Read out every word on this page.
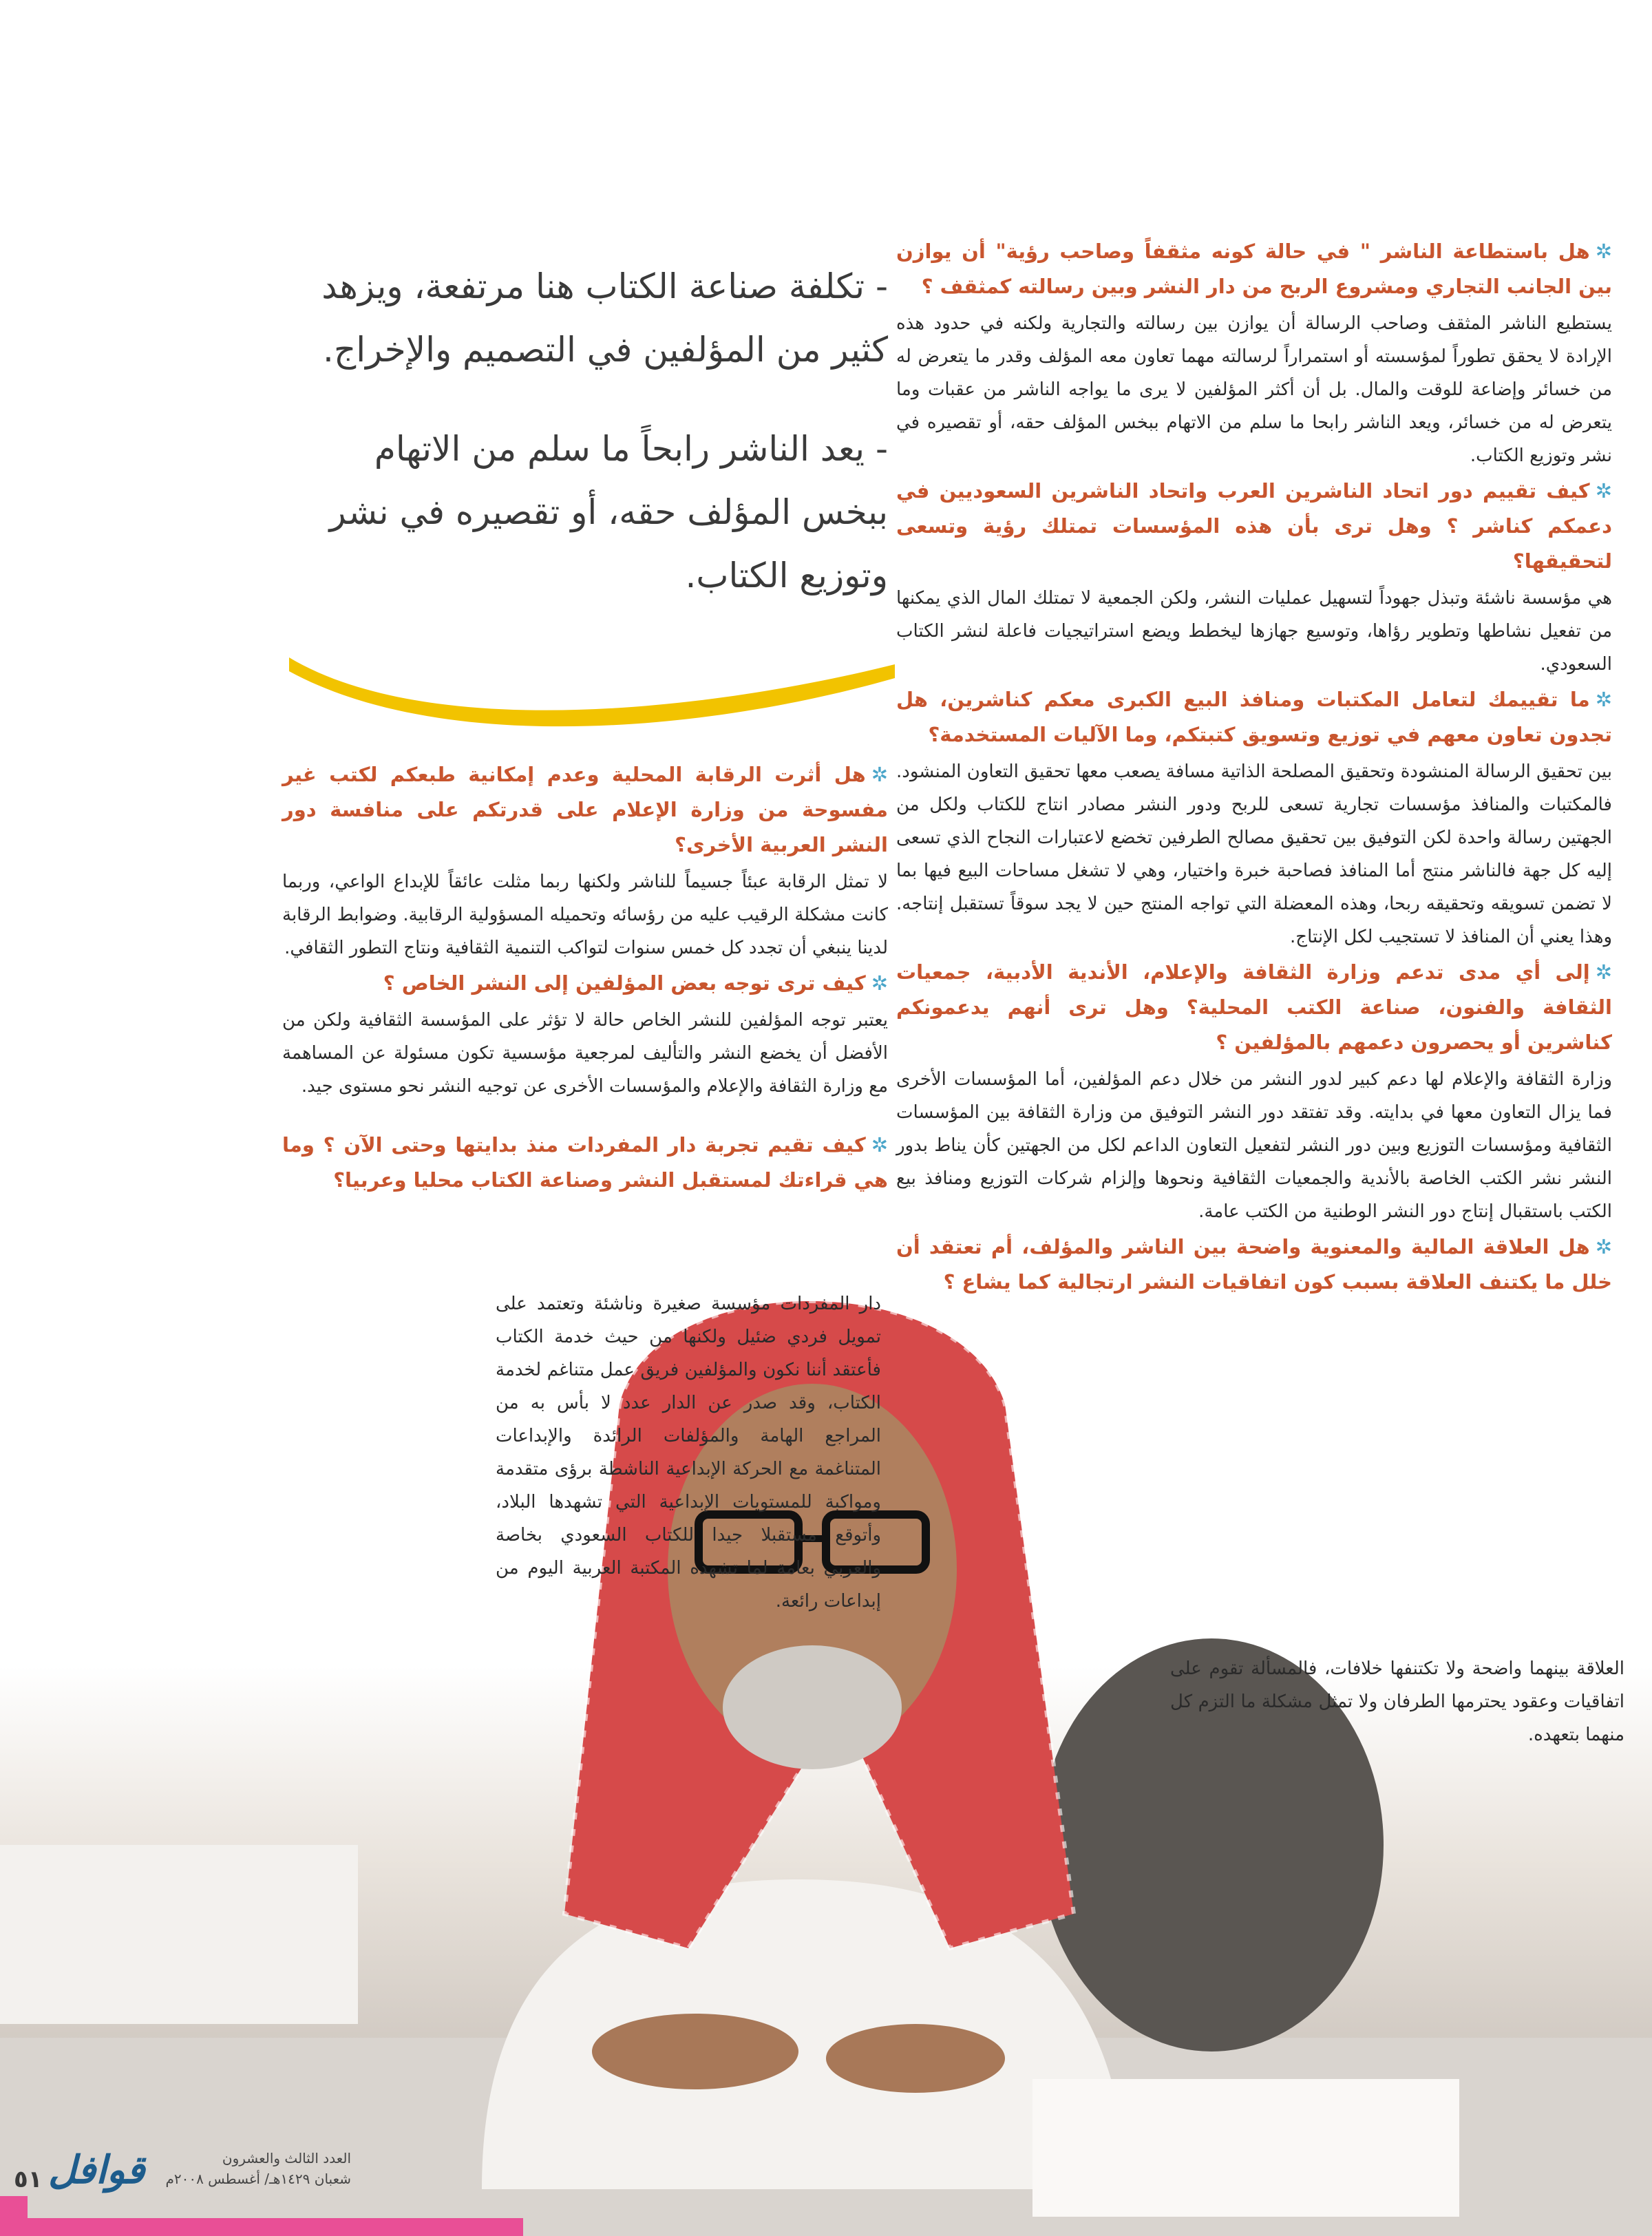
- تكلفة صناعة الكتاب هنا مرتفعة، ويزهد كثير من المؤلفين في التصميم والإخراج.

- يعد الناشر رابحاً ما سلم من الاتهام ببخس المؤلف حقه، أو تقصيره في نشر وتوزيع الكتاب.

✲هل باستطاعة الناشر " في حالة كونه مثقفاً وصاحب رؤية" أن يوازن بين الجانب التجاري ومشروع الربح من دار النشر وبين رسالته كمثقف ؟

يستطيع الناشر المثقف وصاحب الرسالة أن يوازن بين رسالته والتجارية ولكنه في حدود هذه الإرادة لا يحقق تطوراً لمؤسسته أو استمراراً لرسالته مهما تعاون معه المؤلف وقدر ما يتعرض له من خسائر وإضاعة للوقت والمال. بل أن أكثر المؤلفين لا يرى ما يواجه الناشر من عقبات وما يتعرض له من خسائر، ويعد الناشر رابحا ما سلم من الاتهام ببخس المؤلف حقه، أو تقصيره في نشر وتوزيع الكتاب.

✲كيف تقييم دور اتحاد الناشرين العرب واتحاد الناشرين السعوديين في دعمكم كناشر ؟ وهل ترى بأن هذه المؤسسات تمتلك رؤية وتسعى لتحقيقها؟

هي مؤسسة ناشئة وتبذل جهوداً لتسهيل عمليات النشر، ولكن الجمعية لا تمتلك المال الذي يمكنها من تفعيل نشاطها وتطوير رؤاها، وتوسيع جهازها ليخطط ويضع استراتيجيات فاعلة لنشر الكتاب السعودي.

✲ما تقييمك لتعامل المكتبات ومنافذ البيع الكبرى معكم كناشرين، هل تجدون تعاون معهم في توزيع وتسويق كتبتكم، وما الآليات المستخدمة؟

بين تحقيق الرسالة المنشودة وتحقيق المصلحة الذاتية مسافة يصعب معها تحقيق التعاون المنشود. فالمكتبات والمنافذ مؤسسات تجارية تسعى للربح ودور النشر مصادر انتاج للكتاب ولكل من الجهتين رسالة واحدة لكن التوفيق بين تحقيق مصالح الطرفين تخضع لاعتبارات النجاح الذي تسعى إليه كل جهة فالناشر منتج أما المنافذ فصاحبة خبرة واختيار، وهي لا تشغل مساحات البيع فيها بما لا تضمن تسويقه وتحقيقه ربحا، وهذه المعضلة التي تواجه المنتج حين لا يجد سوقاً تستقبل إنتاجه. وهذا يعني أن المنافذ لا تستجيب لكل الإنتاج.

✲إلى أي مدى تدعم وزارة الثقافة والإعلام، الأندية الأدبية، جمعيات الثقافة والفنون، صناعة الكتب المحلية؟ وهل ترى أنهم يدعمونكم كناشرين أو يحصرون دعمهم بالمؤلفين ؟

وزارة الثقافة والإعلام لها دعم كبير لدور النشر من خلال دعم المؤلفين، أما المؤسسات الأخرى فما يزال التعاون معها في بدايته. وقد تفتقد دور النشر التوفيق من وزارة الثقافة بين المؤسسات الثقافية ومؤسسات التوزيع وبين دور النشر لتفعيل التعاون الداعم لكل من الجهتين كأن يناط بدور النشر نشر الكتب الخاصة بالأندية والجمعيات الثقافية ونحوها وإلزام شركات التوزيع ومنافذ بيع الكتب باستقبال إنتاج دور النشر الوطنية من الكتب عامة.

✲هل العلاقة المالية والمعنوية واضحة بين الناشر والمؤلف، أم تعتقد أن خلل ما يكتنف العلاقة بسبب كون اتفاقيات النشر ارتجالية كما يشاع ؟

✲هل أثرت الرقابة المحلية وعدم إمكانية طبعكم لكتب غير مفسوحة من وزارة الإعلام على قدرتكم على منافسة دور النشر العربية الأخرى؟

لا تمثل الرقابة عبئاً جسيماً للناشر ولكنها ربما مثلت عائقاً للإبداع الواعي، وربما كانت مشكلة الرقيب عليه من رؤسائه وتحميله المسؤولية الرقابية. وضوابط الرقابة لدينا ينبغي أن تجدد كل خمس سنوات لتواكب التنمية الثقافية ونتاج التطور الثقافي.

✲كيف ترى توجه بعض المؤلفين إلى النشر الخاص ؟

يعتبر توجه المؤلفين للنشر الخاص حالة لا تؤثر على المؤسسة الثقافية ولكن من الأفضل أن يخضع النشر والتأليف لمرجعية مؤسسية تكون مسئولة عن المساهمة مع وزارة الثقافة والإعلام والمؤسسات الأخرى عن توجيه النشر نحو مستوى جيد.

✲كيف تقيم تجربة دار المفردات منذ بدايتها وحتى الآن ؟ وما هي قراءتك لمستقبل النشر وصناعة الكتاب محليا وعربيا؟

دار المفردات مؤسسة صغيرة وناشئة وتعتمد على تمويل فردي ضئيل ولكنها من حيث خدمة الكتاب فأعتقد أننا نكون والمؤلفين فريق عمل متناغم لخدمة الكتاب، وقد صدر عن الدار عدد لا بأس به من المراجع الهامة والمؤلفات الرائدة والإبداعات المتناغمة مع الحركة الإبداعية الناشطة برؤى متقدمة ومواكبة للمستويات الإبداعية التي تشهدها البلاد، وأتوقع مستقبلا جيدا للكتاب السعودي بخاصة والعربي بعامة لما تشهده المكتبة العربية اليوم من إبداعات رائعة.

العلاقة بينهما واضحة ولا تكتنفها خلافات، فالمسألة تقوم على اتفاقيات وعقود يحترمها الطرفان ولا تمثل مشكلة ما التزم كل منهما بتعهده.

٥١ قوافل	العدد الثالث والعشرون
شعبان ١٤٢٩هـ/ أغسطس ٢٠٠٨م
